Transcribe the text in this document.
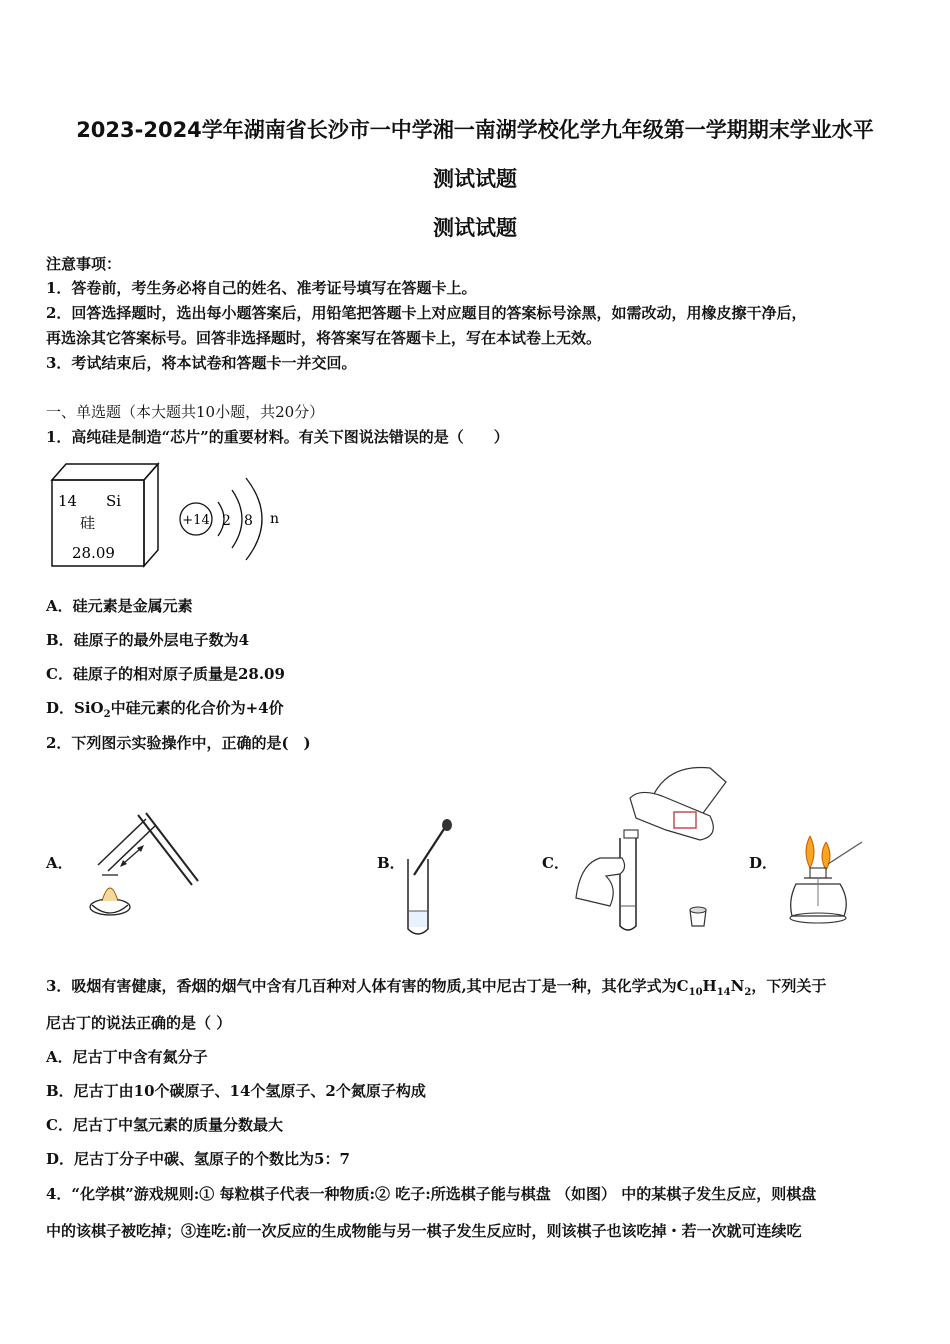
2023-2024学年湖南省长沙市一中学湘一南湖学校化学九年级第一学期期末学业水平
测试试题
测试试题
注意事项：
1．答卷前，考生务必将自己的姓名、准考证号填写在答题卡上。
2．回答选择题时，选出每小题答案后，用铅笔把答题卡上对应题目的答案标号涂黑，如需改动，用橡皮擦干净后，
再选涂其它答案标号。回答非选择题时，将答案写在答题卡上，写在本试卷上无效。
3．考试结束后，将本试卷和答题卡一并交回。
一、单选题（本大题共10小题，共20分）
1．高纯硅是制造“芯片”的重要材料。有关下图说法错误的是（　　）
14 Si
硅
28.09
+14 2 8 n
A．硅元素是金属元素
B．硅原子的最外层电子数为4
C．硅原子的相对原子质量是28.09
D．SiO$_2$中硅元素的化合价为+4价
2．下列图示实验操作中，正确的是(　)
A．	B．	C．	D．
3．吸烟有害健康，香烟的烟气中含有几百种对人体有害的物质,其中尼古丁是一种，其化学式为$C_{10}H_{14}N_2$，下列关于
尼古丁的说法正确的是（ ）
A．尼古丁中含有氮分子
B．尼古丁由10个碳原子、14个氢原子、2个氮原子构成
C．尼古丁中氢元素的质量分数最大
D．尼古丁分子中碳、氢原子的个数比为5：7
4．“化学棋”游戏规则:① 每粒棋子代表一种物质:② 吃子:所选棋子能与棋盘 （如图） 中的某棋子发生反应，则棋盘
中的该棋子被吃掉；③连吃:前一次反应的生成物能与另一棋子发生反应时，则该棋子也该吃掉・若一次就可连续吃
